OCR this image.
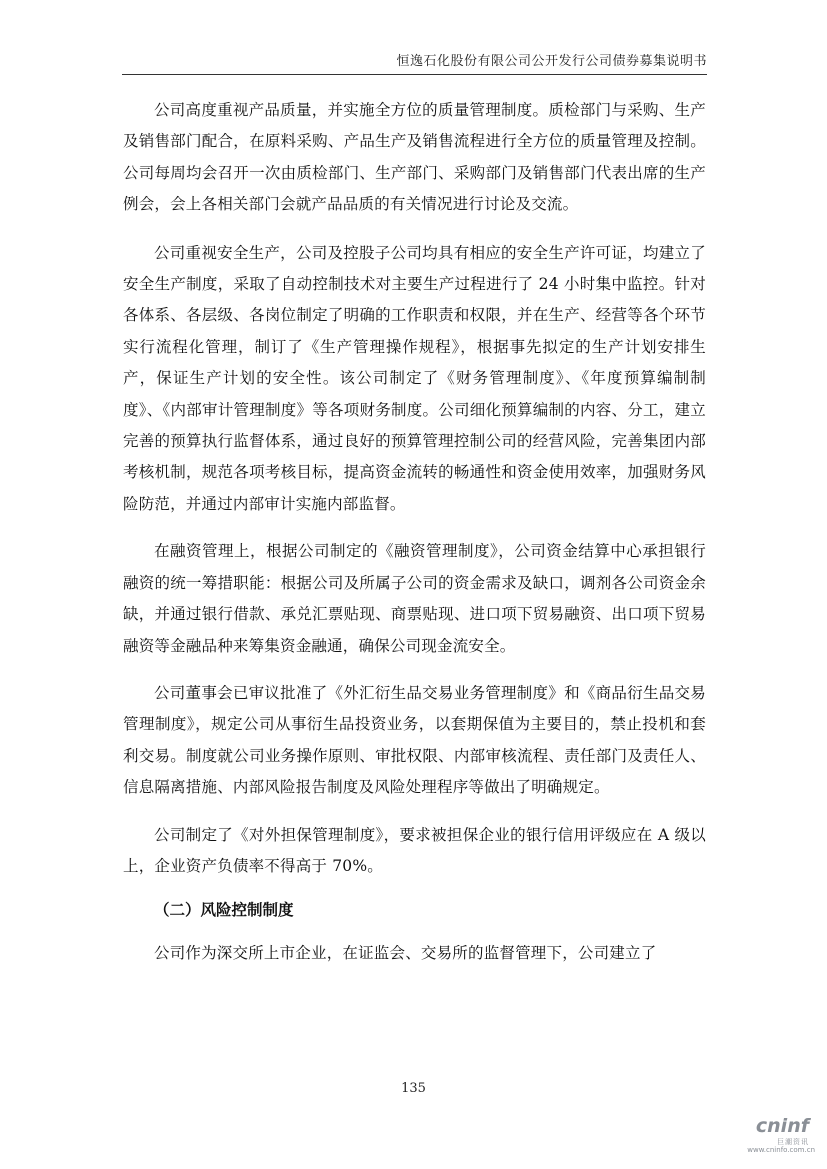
恒逸石化股份有限公司公开发行公司债券募集说明书

公司高度重视产品质量，并实施全方位的质量管理制度。质检部门与采购、生产及销售部门配合，在原料采购、产品生产及销售流程进行全方位的质量管理及控制。公司每周均会召开一次由质检部门、生产部门、采购部门及销售部门代表出席的生产例会，会上各相关部门会就产品品质的有关情况进行讨论及交流。

公司重视安全生产，公司及控股子公司均具有相应的安全生产许可证，均建立了安全生产制度，采取了自动控制技术对主要生产过程进行了 24 小时集中监控。针对各体系、各层级、各岗位制定了明确的工作职责和权限，并在生产、经营等各个环节实行流程化管理，制订了《生产管理操作规程》，根据事先拟定的生产计划安排生产，保证生产计划的安全性。该公司制定了《财务管理制度》、《年度预算编制制度》、《内部审计管理制度》等各项财务制度。公司细化预算编制的内容、分工，建立完善的预算执行监督体系，通过良好的预算管理控制公司的经营风险，完善集团内部考核机制，规范各项考核目标，提高资金流转的畅通性和资金使用效率，加强财务风险防范，并通过内部审计实施内部监督。

在融资管理上，根据公司制定的《融资管理制度》，公司资金结算中心承担银行融资的统一筹措职能：根据公司及所属子公司的资金需求及缺口，调剂各公司资金余缺，并通过银行借款、承兑汇票贴现、商票贴现、进口项下贸易融资、出口项下贸易融资等金融品种来筹集资金融通，确保公司现金流安全。

公司董事会已审议批准了《外汇衍生品交易业务管理制度》和《商品衍生品交易管理制度》，规定公司从事衍生品投资业务，以套期保值为主要目的，禁止投机和套利交易。制度就公司业务操作原则、审批权限、内部审核流程、责任部门及责任人、信息隔离措施、内部风险报告制度及风险处理程序等做出了明确规定。

公司制定了《对外担保管理制度》，要求被担保企业的银行信用评级应在 A 级以上，企业资产负债率不得高于 70%。

（二）风险控制制度

公司作为深交所上市企业，在证监会、交易所的监督管理下，公司建立了

135
cninf
巨潮资讯
www.cninfo.com.cn
